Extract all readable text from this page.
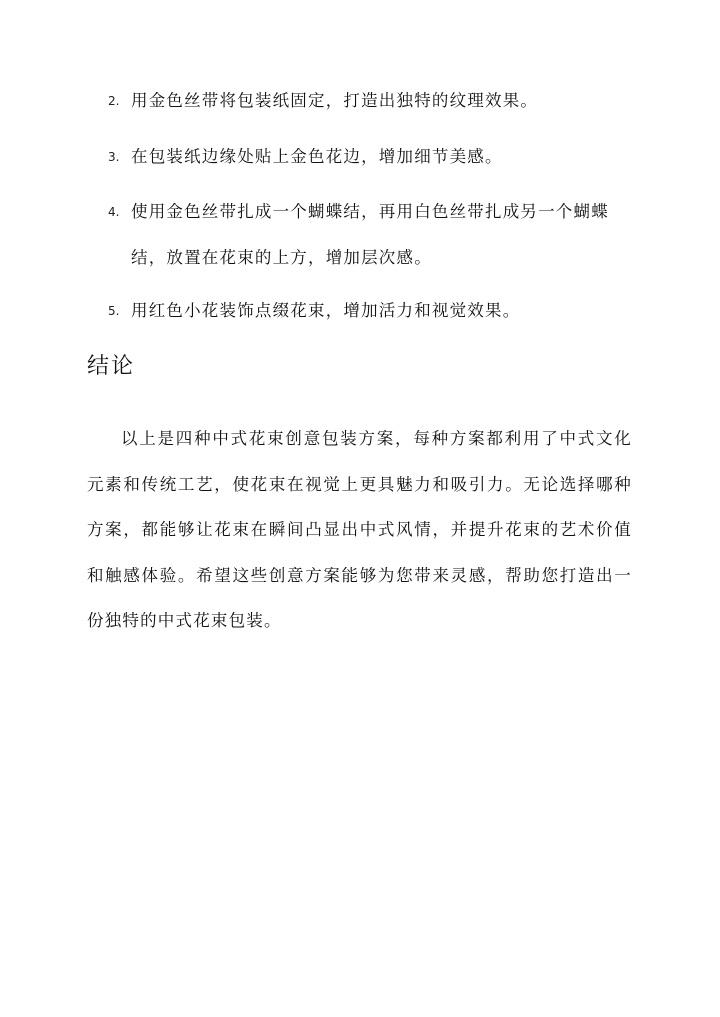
2. 用金色丝带将包装纸固定，打造出独特的纹理效果。
3. 在包装纸边缘处贴上金色花边，增加细节美感。
4. 使用金色丝带扎成一个蝴蝶结，再用白色丝带扎成另一个蝴蝶结，放置在花束的上方，增加层次感。
5. 用红色小花装饰点缀花束，增加活力和视觉效果。
结论

以上是四种中式花束创意包装方案，每种方案都利用了中式文化元素和传统工艺，使花束在视觉上更具魅力和吸引力。无论选择哪种方案，都能够让花束在瞬间凸显出中式风情，并提升花束的艺术价值和触感体验。希望这些创意方案能够为您带来灵感，帮助您打造出一份独特的中式花束包装。
